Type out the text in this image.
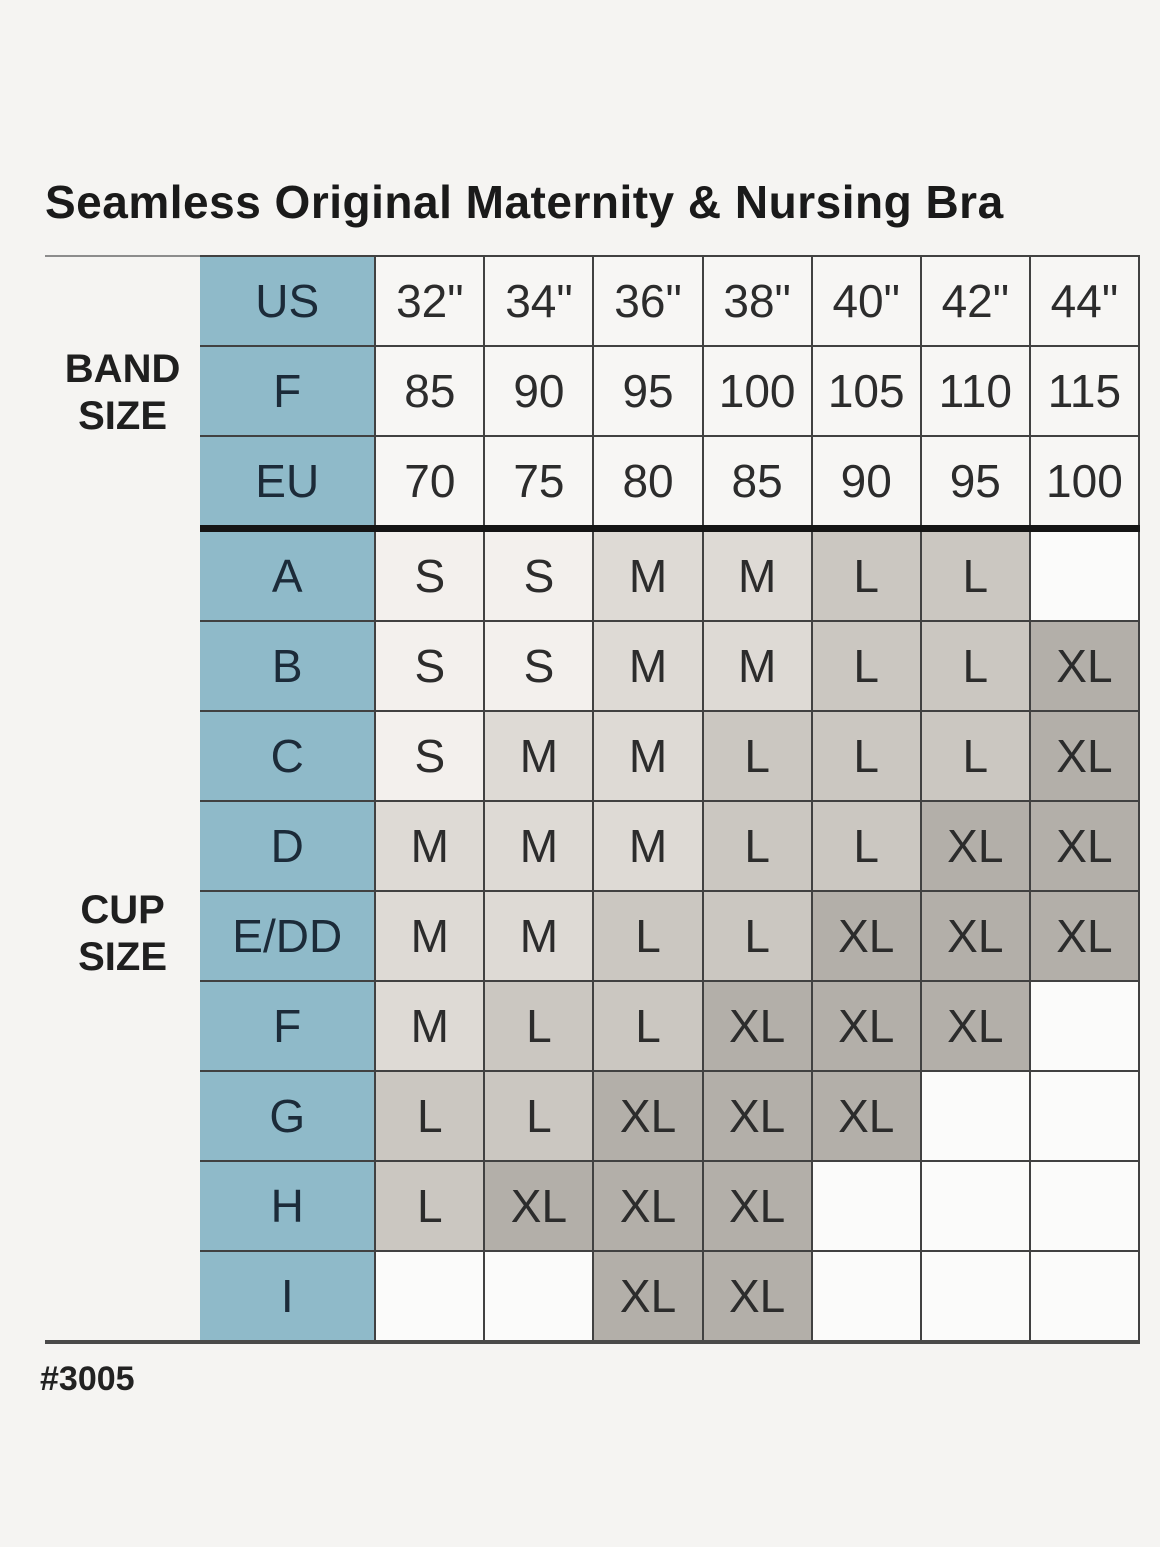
Seamless Original Maternity & Nursing Bra
BAND SIZE	US	32"	34"	36"	38"	40"	42"	44"
	F	85	90	95	100	105	110	115
	EU	70	75	80	85	90	95	100
CUP SIZE	A	S	S	M	M	L	L	
	B	S	S	M	M	L	L	XL
	C	S	M	M	L	L	L	XL
	D	M	M	M	L	L	XL	XL
	E/DD	M	M	L	L	XL	XL	XL
	F	M	L	L	XL	XL	XL	
	G	L	L	XL	XL	XL		
	H	L	XL	XL	XL			
	I			XL	XL			
#3005
